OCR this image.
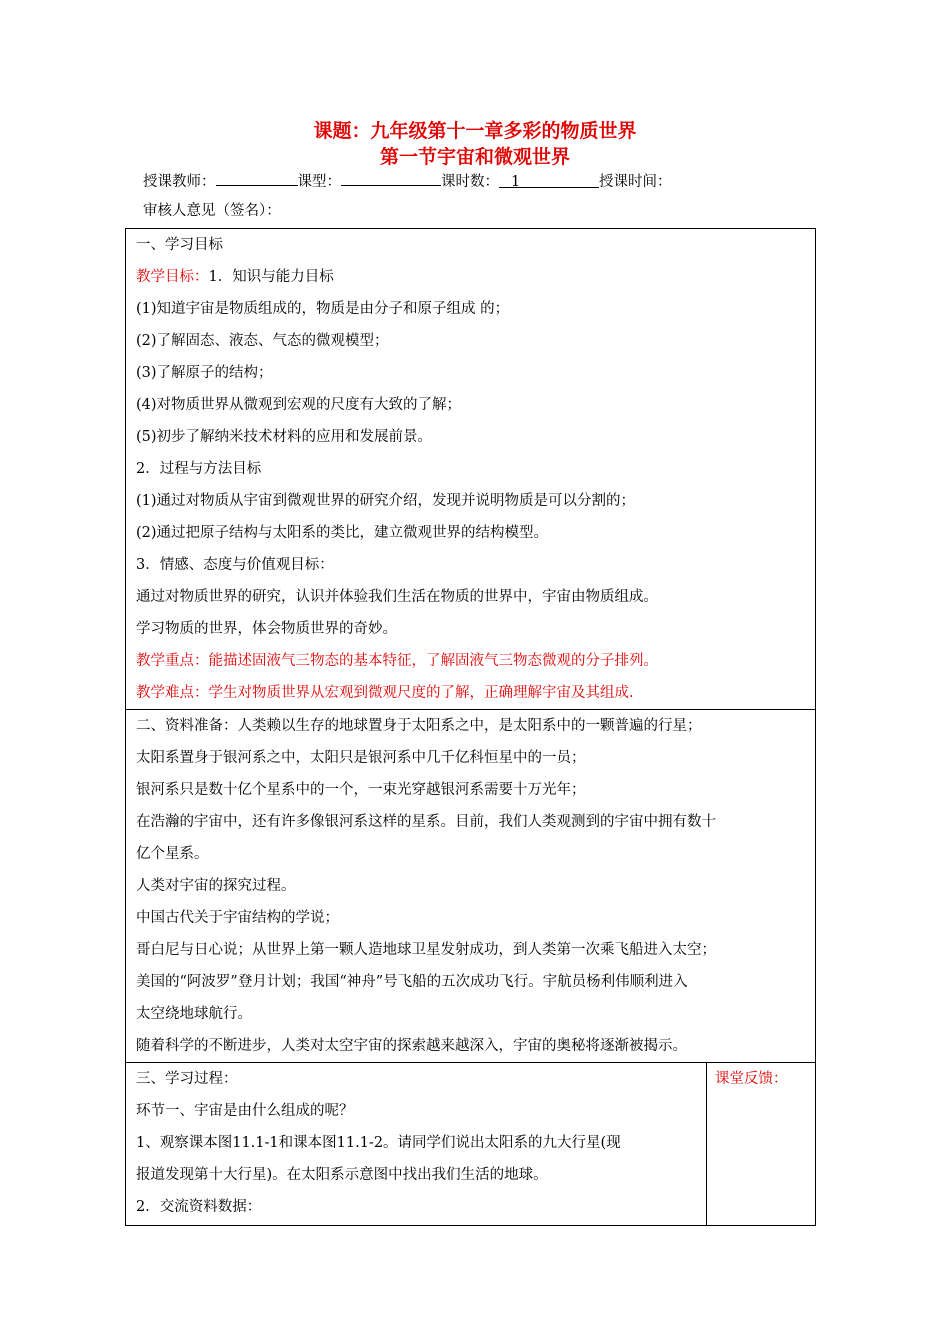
课题：九年级第十一章多彩的物质世界
第一节宇宙和微观世界
授课教师：	课型：	课时数： 1	授课时间：
审核人意见（签名）：
一、学习目标
教学目标：1．知识与能力目标
(1)知道宇宙是物质组成的，物质是由分子和原子组成 的；
(2)了解固态、液态、气态的微观模型；
(3)了解原子的结构；
(4)对物质世界从微观到宏观的尺度有大致的了解；
(5)初步了解纳米技术材料的应用和发展前景。
2．过程与方法目标
(1)通过对物质从宇宙到微观世界的研究介绍，发现并说明物质是可以分割的；
(2)通过把原子结构与太阳系的类比，建立微观世界的结构模型。
3．情感、态度与价值观目标：
通过对物质世界的研究，认识并体验我们生活在物质的世界中，宇宙由物质组成。
学习物质的世界，体会物质世界的奇妙。
教学重点：能描述固液气三物态的基本特征，了解固液气三物态微观的分子排列。
教学难点：学生对物质世界从宏观到微观尺度的了解，正确理解宇宙及其组成.

二、资料准备：人类赖以生存的地球置身于太阳系之中，是太阳系中的一颗普遍的行星；
太阳系置身于银河系之中，太阳只是银河系中几千亿科恒星中的一员；
银河系只是数十亿个星系中的一个，一束光穿越银河系需要十万光年；
在浩瀚的宇宙中，还有许多像银河系这样的星系。目前，我们人类观测到的宇宙中拥有数十
亿个星系。
人类对宇宙的探究过程。
中国古代关于宇宙结构的学说；
哥白尼与日心说；从世界上第一颗人造地球卫星发射成功，到人类第一次乘飞船进入太空；
美国的“阿波罗”登月计划；我国“神舟”号飞船的五次成功飞行。宇航员杨利伟顺利进入
太空绕地球航行。
随着科学的不断进步，人类对太空宇宙的探索越来越深入，宇宙的奥秘将逐渐被揭示。

三、学习过程：
环节一、宇宙是由什么组成的呢？
1、观察课本图11.1-1和课本图11.1-2。请同学们说出太阳系的九大行星(现
报道发现第十大行星)。在太阳系示意图中找出我们生活的地球。
2．交流资料数据：

课堂反馈：
